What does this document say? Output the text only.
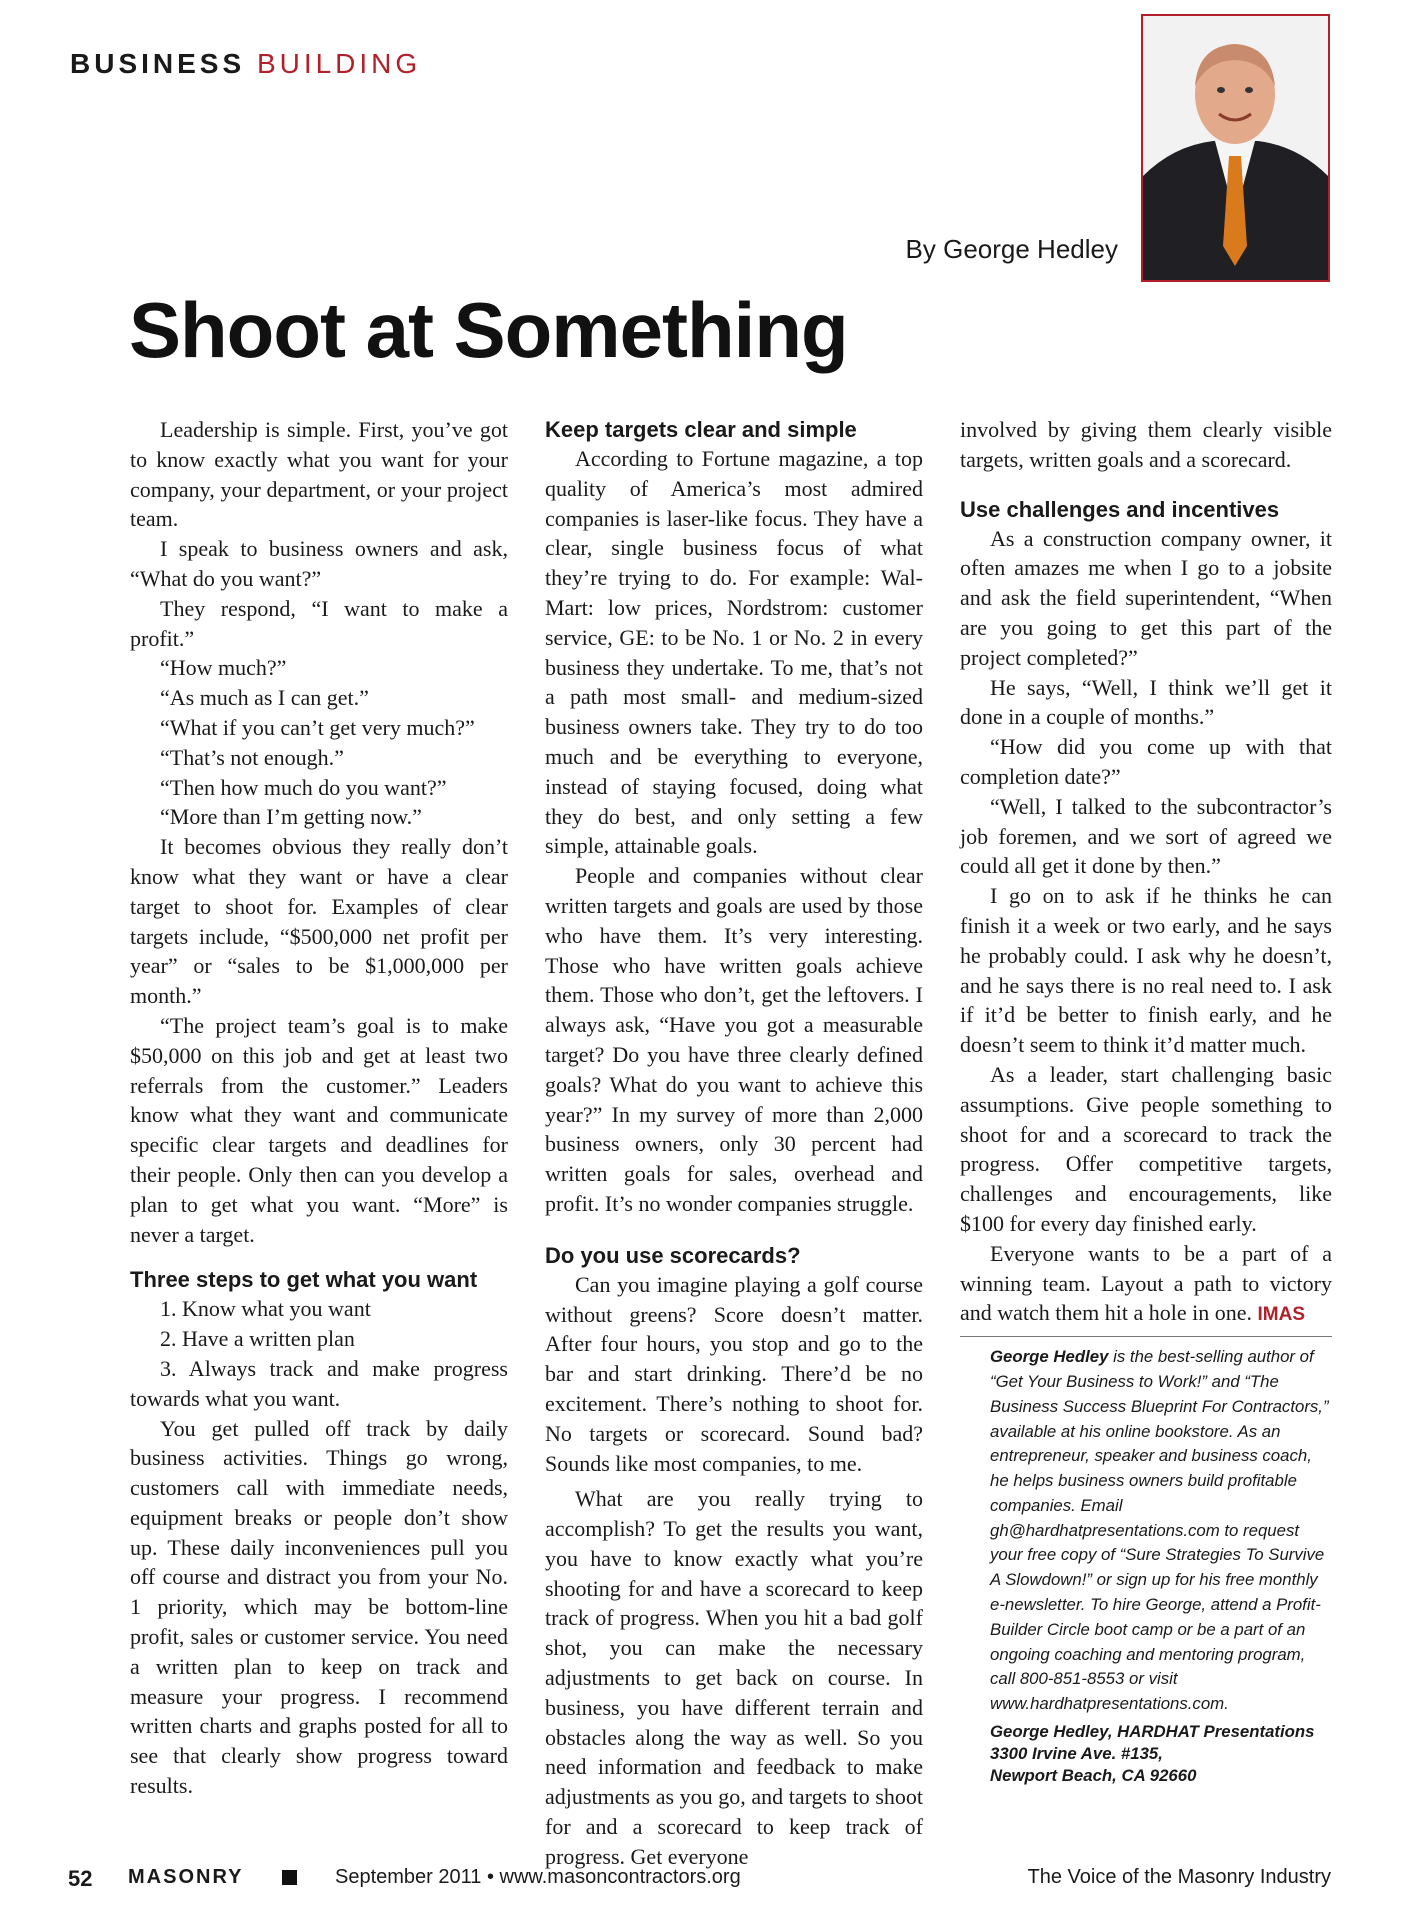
BUSINESS BUILDING
By George Hedley
Shoot at Something

Leadership is simple. First, you’ve got to know exactly what you want for your company, your department, or your project team.

I speak to business owners and ask, “What do you want?”

They respond, “I want to make a profit.”

“How much?”

“As much as I can get.”

“What if you can’t get very much?”

“That’s not enough.”

“Then how much do you want?”

“More than I’m getting now.”

It becomes obvious they really don’t know what they want or have a clear target to shoot for. Examples of clear targets include, “$500,000 net profit per year” or “sales to be $1,000,000 per month.”

“The project team’s goal is to make $50,000 on this job and get at least two referrals from the customer.” Leaders know what they want and communicate specific clear targets and deadlines for their people. Only then can you develop a plan to get what you want. “More” is never a target.

Three steps to get what you want
1. Know what you want
2. Have a written plan
3. Always track and make progress towards what you want.

You get pulled off track by daily business activities. Things go wrong, customers call with immediate needs, equipment breaks or people don’t show up. These daily inconveniences pull you off course and distract you from your No. 1 priority, which may be bottom-line profit, sales or customer service. You need a written plan to keep on track and measure your progress. I recommend written charts and graphs posted for all to see that clearly show progress toward results.

Keep targets clear and simple

According to Fortune magazine, a top quality of America’s most admired companies is laser-like focus. They have a clear, single business focus of what they’re trying to do. For example: Wal-Mart: low prices, Nordstrom: customer service, GE: to be No. 1 or No. 2 in every business they undertake. To me, that’s not a path most small- and medium-sized business owners take. They try to do too much and be everything to everyone, instead of staying focused, doing what they do best, and only setting a few simple, attainable goals.

People and companies without clear written targets and goals are used by those who have them. It’s very interesting. Those who have written goals achieve them. Those who don’t, get the leftovers. I always ask, “Have you got a measurable target? Do you have three clearly defined goals? What do you want to achieve this year?” In my survey of more than 2,000 business owners, only 30 percent had written goals for sales, overhead and profit. It’s no wonder companies struggle.

Do you use scorecards?

Can you imagine playing a golf course without greens? Score doesn’t matter. After four hours, you stop and go to the bar and start drinking. There’d be no excitement. There’s nothing to shoot for. No targets or scorecard. Sound bad? Sounds like most companies, to me.

What are you really trying to accomplish? To get the results you want, you have to know exactly what you’re shooting for and have a scorecard to keep track of progress. When you hit a bad golf shot, you can make the necessary adjustments to get back on course. In business, you have different terrain and obstacles along the way as well. So you need information and feedback to make adjustments as you go, and targets to shoot for and a scorecard to keep track of progress. Get everyone

involved by giving them clearly visible targets, written goals and a scorecard.

Use challenges and incentives

As a construction company owner, it often amazes me when I go to a jobsite and ask the field superintendent, “When are you going to get this part of the project completed?”

He says, “Well, I think we’ll get it done in a couple of months.”

“How did you come up with that completion date?”

“Well, I talked to the subcontractor’s job foremen, and we sort of agreed we could all get it done by then.”

I go on to ask if he thinks he can finish it a week or two early, and he says he probably could. I ask why he doesn’t, and he says there is no real need to. I ask if it’d be better to finish early, and he doesn’t seem to think it’d matter much.

As a leader, start challenging basic assumptions. Give people something to shoot for and a scorecard to track the progress. Offer competitive targets, challenges and encouragements, like $100 for every day finished early.

Everyone wants to be a part of a winning team. Layout a path to victory and watch them hit a hole in one. IMAS

George Hedley is the best-selling author of “Get Your Business to Work!” and “The Business Success Blueprint For Contractors,” available at his online bookstore. As an entrepreneur, speaker and business coach, he helps business owners build profitable companies. Email gh@hardhatpresentations.com to request your free copy of “Sure Strategies To Survive A Slowdown!” or sign up for his free monthly e-newsletter. To hire George, attend a Profit-Builder Circle boot camp or be a part of an ongoing coaching and mentoring program, call 800-851-8553 or visit www.hardhatpresentations.com.
George Hedley, HARDHAT Presentations
3300 Irvine Ave. #135,
Newport Beach, CA 92660
52 MASONRY	September 2011 • www.masoncontractors.org	The Voice of the Masonry Industry
